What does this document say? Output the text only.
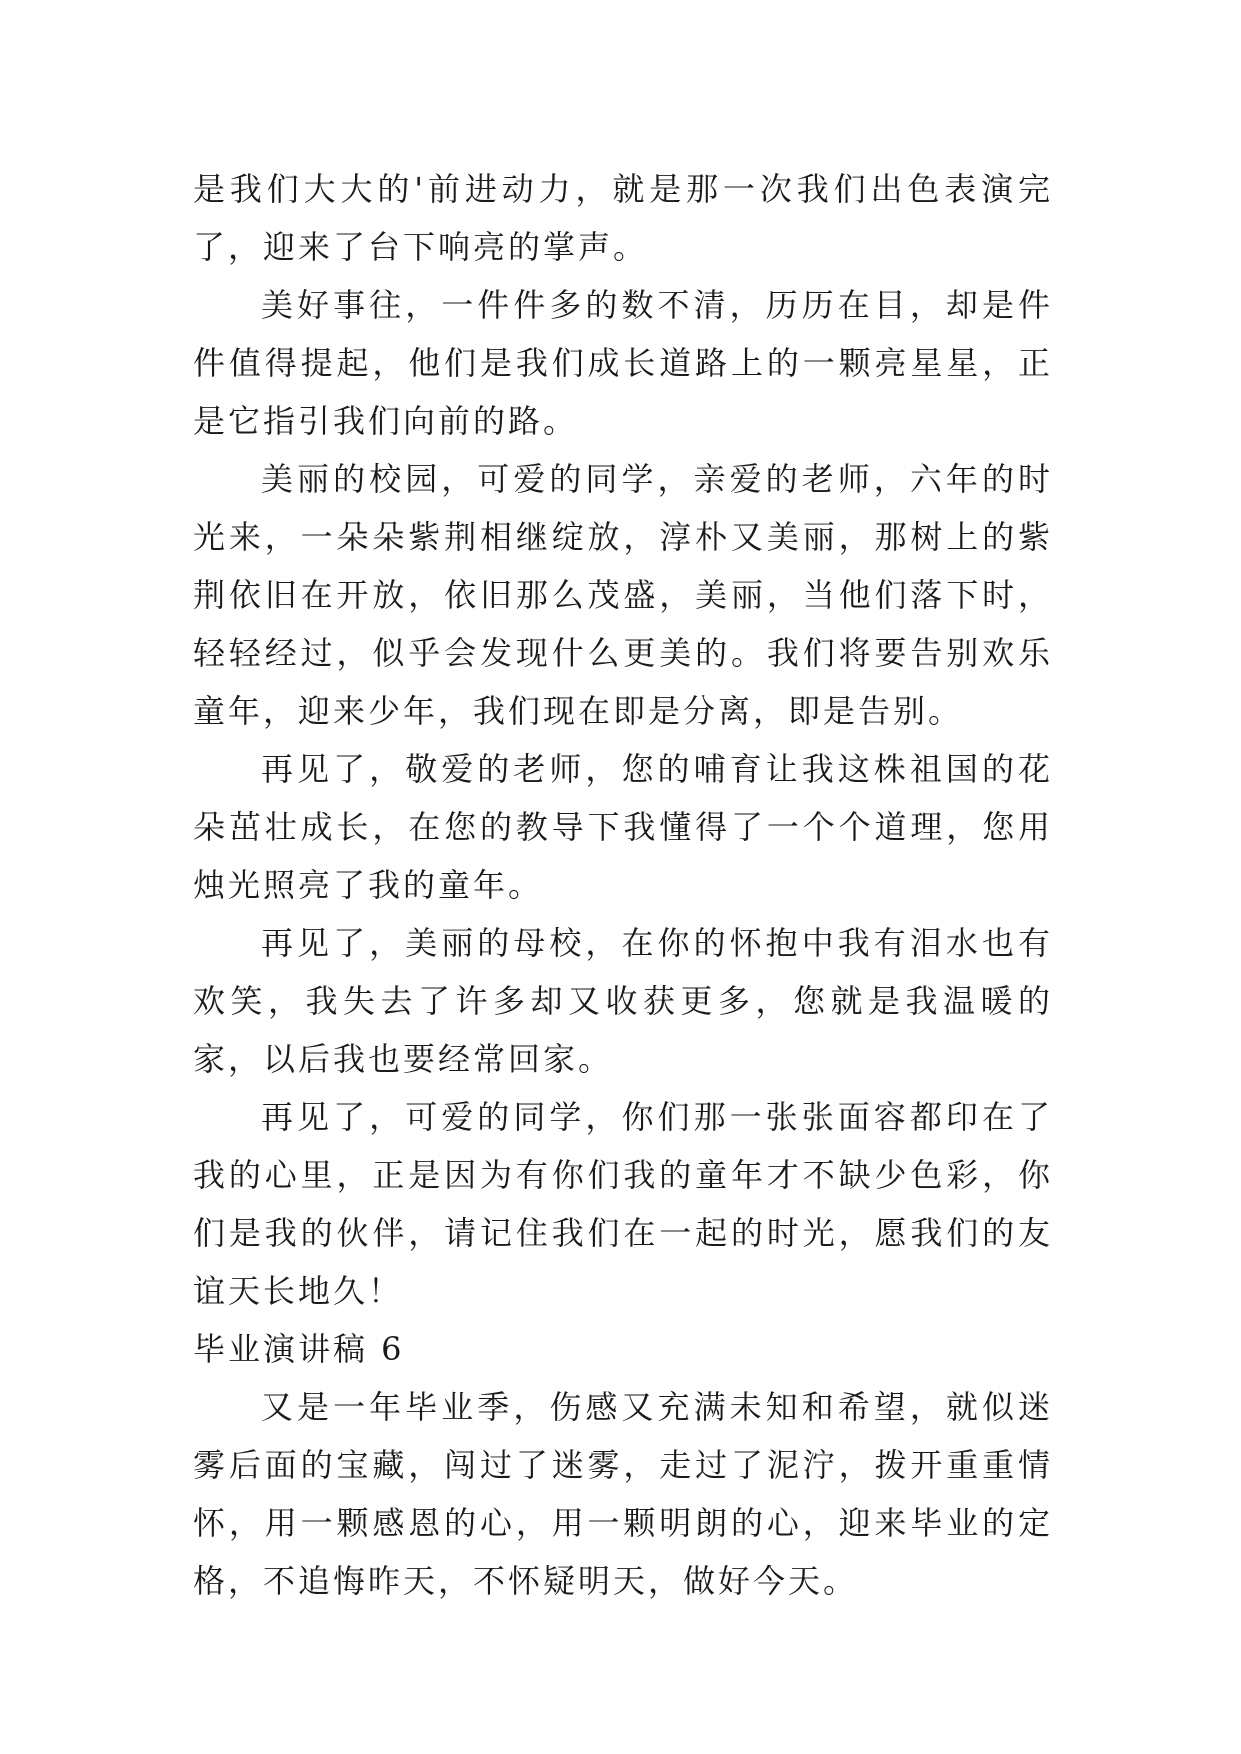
是我们大大的'前进动力，就是那一次我们出色表演完了，迎来了台下响亮的掌声。

美好事往，一件件多的数不清，历历在目，却是件件值得提起，他们是我们成长道路上的一颗亮星星，正是它指引我们向前的路。

美丽的校园，可爱的同学，亲爱的老师，六年的时光来，一朵朵紫荆相继绽放，淳朴又美丽，那树上的紫荆依旧在开放，依旧那么茂盛，美丽，当他们落下时，轻轻经过，似乎会发现什么更美的。我们将要告别欢乐童年，迎来少年，我们现在即是分离，即是告别。

再见了，敬爱的老师，您的哺育让我这株祖国的花朵茁壮成长，在您的教导下我懂得了一个个道理，您用烛光照亮了我的童年。

再见了，美丽的母校，在你的怀抱中我有泪水也有欢笑，我失去了许多却又收获更多，您就是我温暖的家，以后我也要经常回家。

再见了，可爱的同学，你们那一张张面容都印在了我的心里，正是因为有你们我的童年才不缺少色彩，你们是我的伙伴，请记住我们在一起的时光，愿我们的友谊天长地久！

毕业演讲稿 6

又是一年毕业季，伤感又充满未知和希望，就似迷雾后面的宝藏，闯过了迷雾，走过了泥泞，拨开重重情怀，用一颗感恩的心，用一颗明朗的心，迎来毕业的定格，不追悔昨天，不怀疑明天，做好今天。
